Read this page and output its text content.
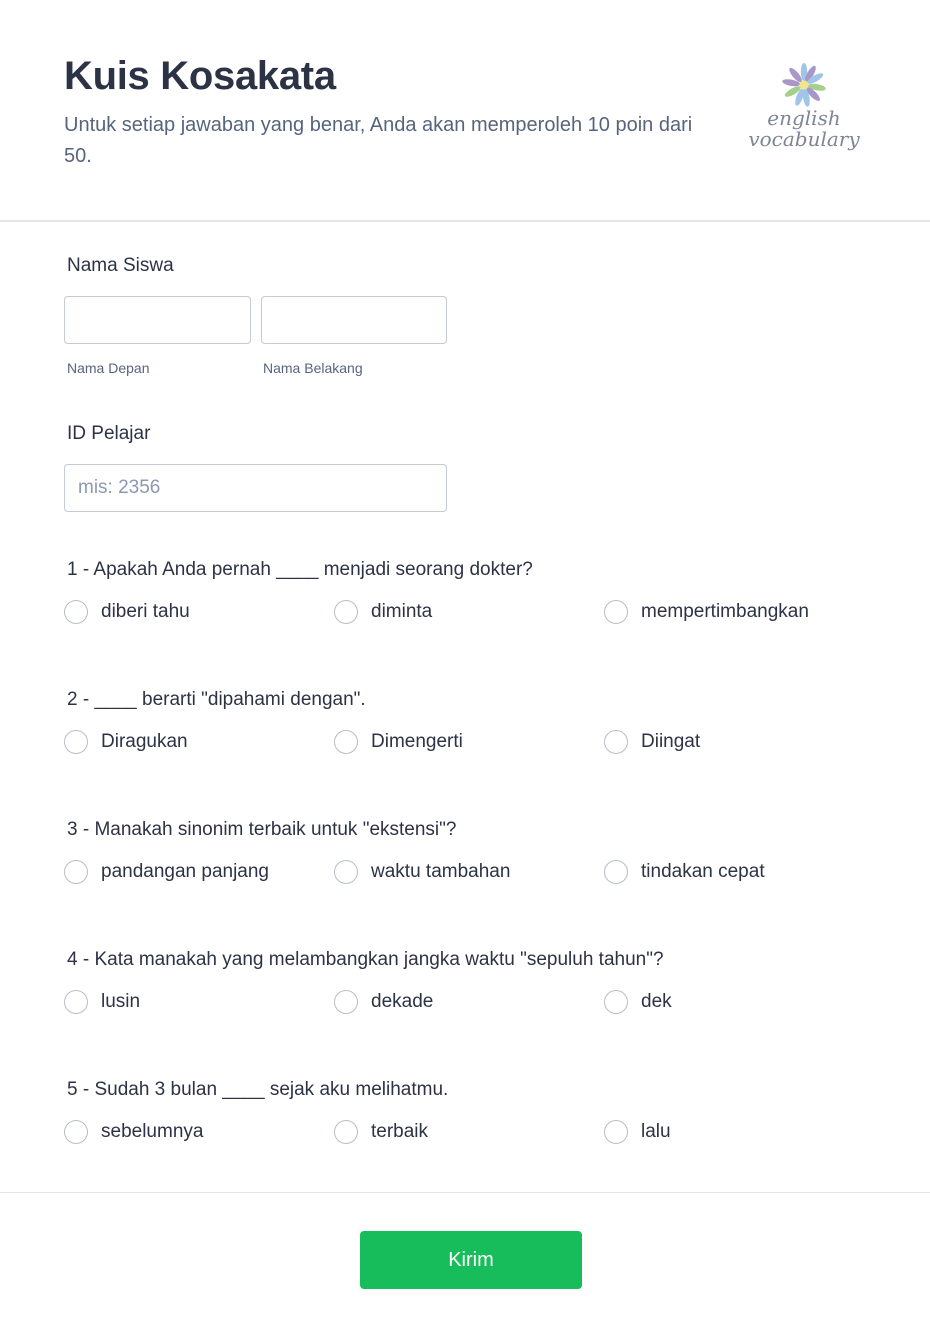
Kuis Kosakata

Untuk setiap jawaban yang benar, Anda akan memperoleh 10 poin dari 50.

english
vocabulary
Nama Siswa
Nama Depan	Nama Belakang
ID Pelajar
mis: 2356
1 - Apakah Anda pernah ____ menjadi seorang dokter?
diberi tahu	diminta	mempertimbangkan
2 - ____ berarti "dipahami dengan".
Diragukan	Dimengerti	Diingat
3 - Manakah sinonim terbaik untuk "ekstensi"?
pandangan panjang	waktu tambahan	tindakan cepat
4 - Kata manakah yang melambangkan jangka waktu "sepuluh tahun"?
lusin	dekade	dek
5 - Sudah 3 bulan ____ sejak aku melihatmu.
sebelumnya	terbaik	lalu
Kirim
